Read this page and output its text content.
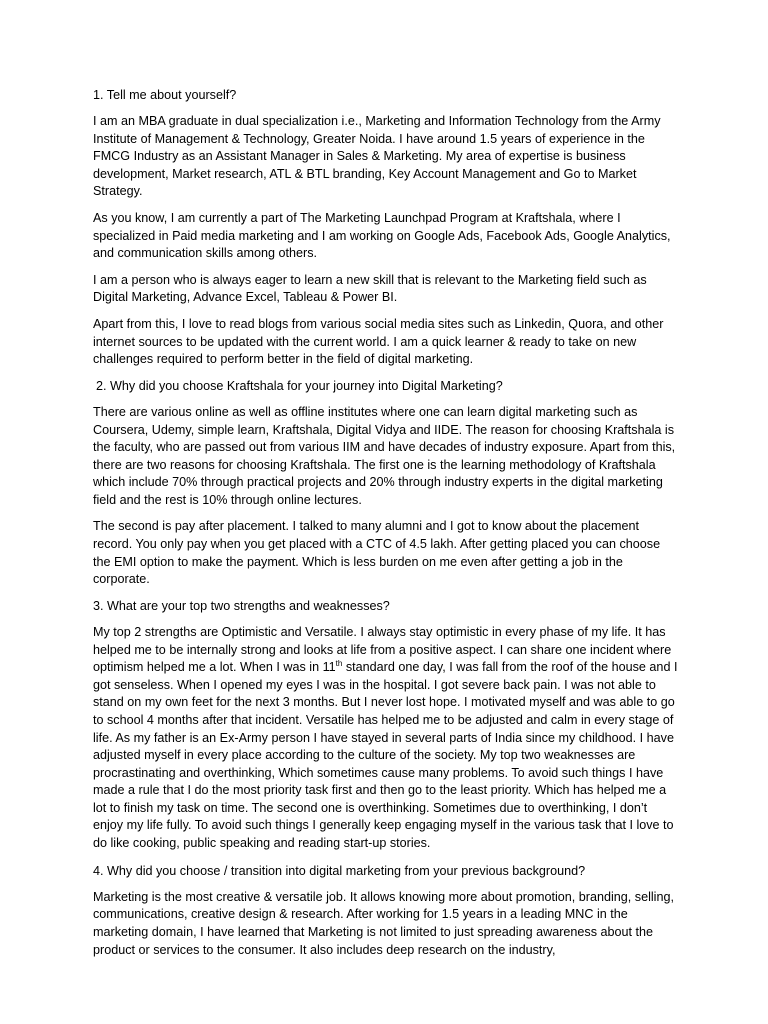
1. Tell me about yourself?

I am an MBA graduate in dual specialization i.e., Marketing and Information Technology from the Army Institute of Management & Technology, Greater Noida. I have around 1.5 years of experience in the FMCG Industry as an Assistant Manager in Sales & Marketing. My area of expertise is business development, Market research, ATL & BTL branding, Key Account Management and Go to Market Strategy.

As you know, I am currently a part of The Marketing Launchpad Program at Kraftshala, where I specialized in Paid media marketing and I am working on Google Ads, Facebook Ads, Google Analytics, and communication skills among others.

I am a person who is always eager to learn a new skill that is relevant to the Marketing field such as Digital Marketing, Advance Excel, Tableau & Power BI.

Apart from this, I love to read blogs from various social media sites such as Linkedin, Quora, and other internet sources to be updated with the current world. I am a quick learner & ready to take on new challenges required to perform better in the field of digital marketing.

2. Why did you choose Kraftshala for your journey into Digital Marketing?

There are various online as well as offline institutes where one can learn digital marketing such as Coursera, Udemy, simple learn, Kraftshala, Digital Vidya and IIDE. The reason for choosing Kraftshala is the faculty, who are passed out from various IIM and have decades of industry exposure. Apart from this, there are two reasons for choosing Kraftshala. The first one is the learning methodology of Kraftshala which include 70% through practical projects and 20% through industry experts in the digital marketing field and the rest is 10% through online lectures.

The second is pay after placement. I talked to many alumni and I got to know about the placement record. You only pay when you get placed with a CTC of 4.5 lakh. After getting placed you can choose the EMI option to make the payment. Which is less burden on me even after getting a job in the corporate.

3. What are your top two strengths and weaknesses?

My top 2 strengths are Optimistic and Versatile. I always stay optimistic in every phase of my life. It has helped me to be internally strong and looks at life from a positive aspect. I can share one incident where optimism helped me a lot. When I was in 11th standard one day, I was fall from the roof of the house and I got senseless. When I opened my eyes I was in the hospital. I got severe back pain. I was not able to stand on my own feet for the next 3 months. But I never lost hope. I motivated myself and was able to go to school 4 months after that incident. Versatile has helped me to be adjusted and calm in every stage of life. As my father is an Ex-Army person I have stayed in several parts of India since my childhood. I have adjusted myself in every place according to the culture of the society. My top two weaknesses are procrastinating and overthinking, Which sometimes cause many problems. To avoid such things I have made a rule that I do the most priority task first and then go to the least priority. Which has helped me a lot to finish my task on time. The second one is overthinking. Sometimes due to overthinking, I don’t enjoy my life fully. To avoid such things I generally keep engaging myself in the various task that I love to do like cooking, public speaking and reading start-up stories.

4. Why did you choose / transition into digital marketing from your previous background?

Marketing is the most creative & versatile job. It allows knowing more about promotion, branding, selling, communications, creative design & research. After working for 1.5 years in a leading MNC in the marketing domain, I have learned that Marketing is not limited to just spreading awareness about the product or services to the consumer. It also includes deep research on the industry,
